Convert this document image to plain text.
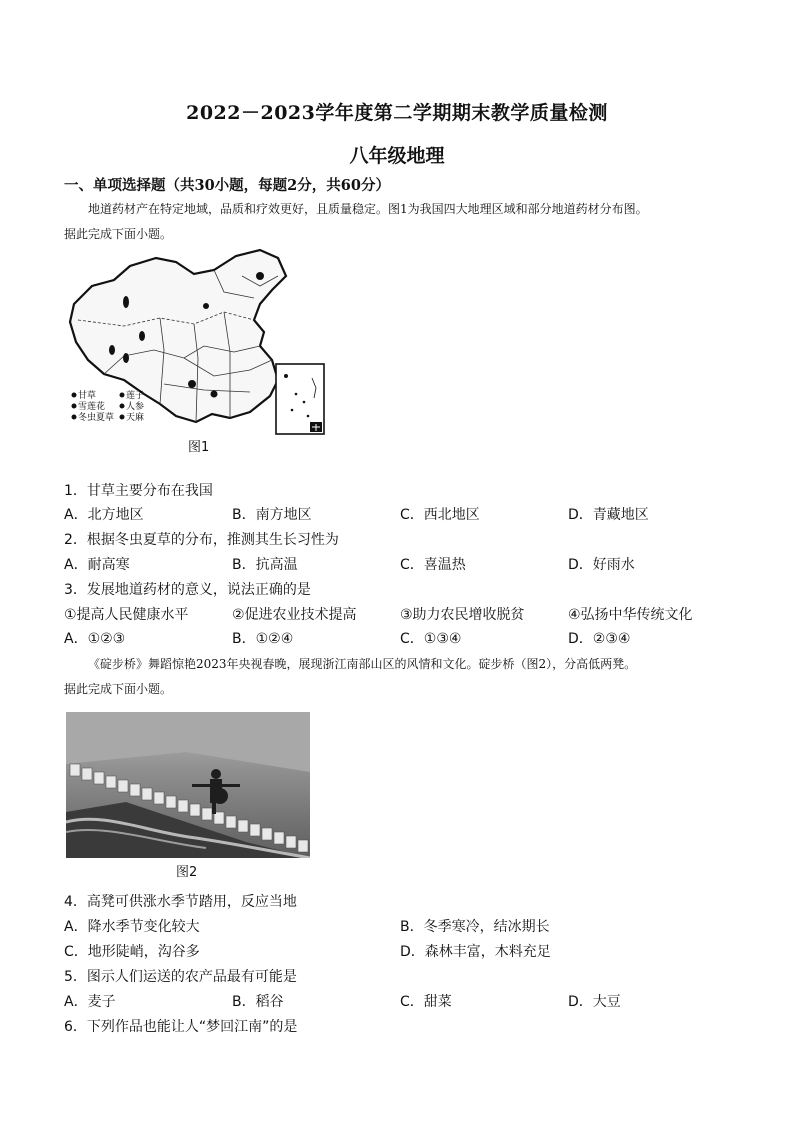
2022－2023学年度第二学期期末教学质量检测
八年级地理
一、单项选择题（共30小题，每题2分，共60分）
地道药材产在特定地域，品质和疗效更好，且质量稳定。图1为我国四大地理区域和部分地道药材分布图。
据此完成下面小题。
甘草
雪莲花
冬虫夏草
莲子
人参
天麻
图1
1．甘草主要分布在我国
A．北方地区	B．南方地区	C．西北地区	D．青藏地区
2．根据冬虫夏草的分布，推测其生长习性为
A．耐高寒	B．抗高温	C．喜温热	D．好雨水
3．发展地道药材的意义，说法正确的是
①提高人民健康水平	②促进农业技术提高	③助力农民增收脱贫	④弘扬中华传统文化
A．①②③	B．①②④	C．①③④	D．②③④
《碇步桥》舞蹈惊艳2023年央视春晚，展现浙江南部山区的风情和文化。碇步桥（图2），分高低两凳。
据此完成下面小题。
图2
4．高凳可供涨水季节踏用，反应当地
A．降水季节变化较大	B．冬季寒冷，结冰期长
C．地形陡峭，沟谷多	D．森林丰富，木料充足
5．图示人们运送的农产品最有可能是
A．麦子	B．稻谷	C．甜菜	D．大豆
6．下列作品也能让人“梦回江南”的是
